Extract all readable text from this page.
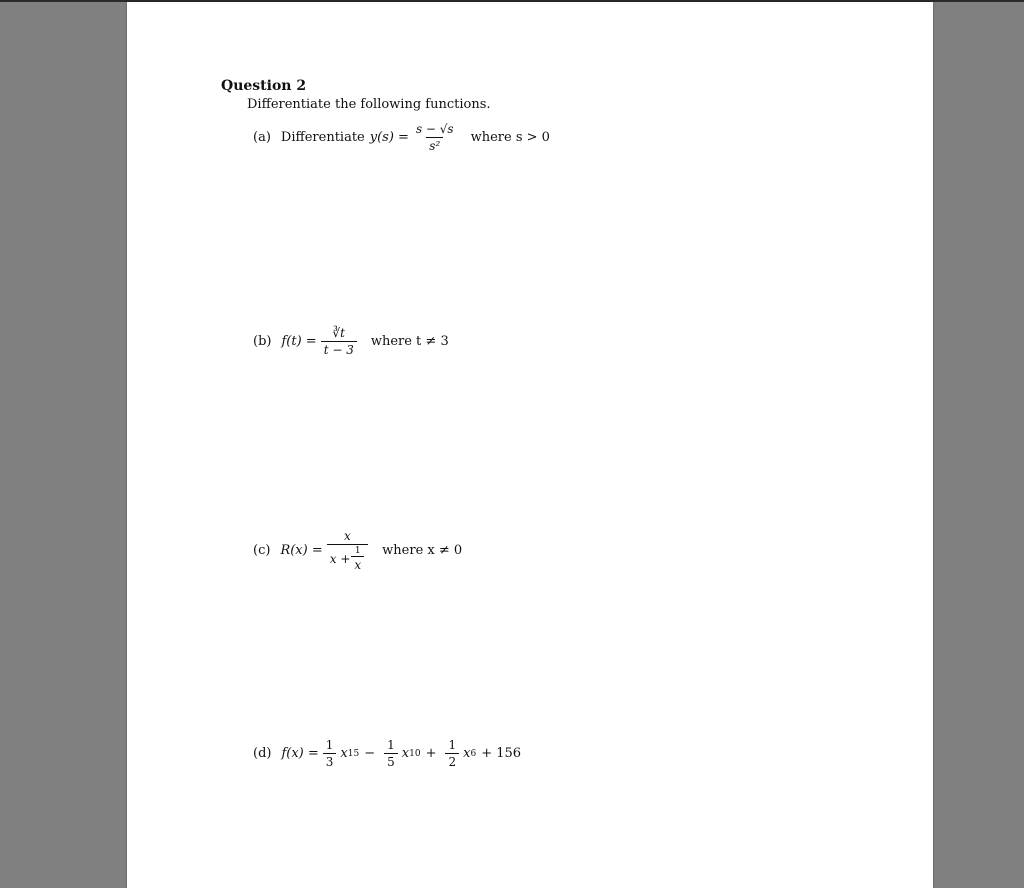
Question 2
Differentiate the following functions.
(a) Differentiate $y(s) = \frac{s - √s}{\text{s²}}$ where s > 0
(b) $f(t) = \frac{∛t}{t - 3}$ where t ≠ 3
(c) $R(x) = \frac{x}{x + \frac{1}{x}}$ where x ≠ 0
(d) $f(x) = \frac{1}{3}$ x $15 - \frac{1}{5}$ x $10 + \frac{1}{2}$ x 6 + 156
